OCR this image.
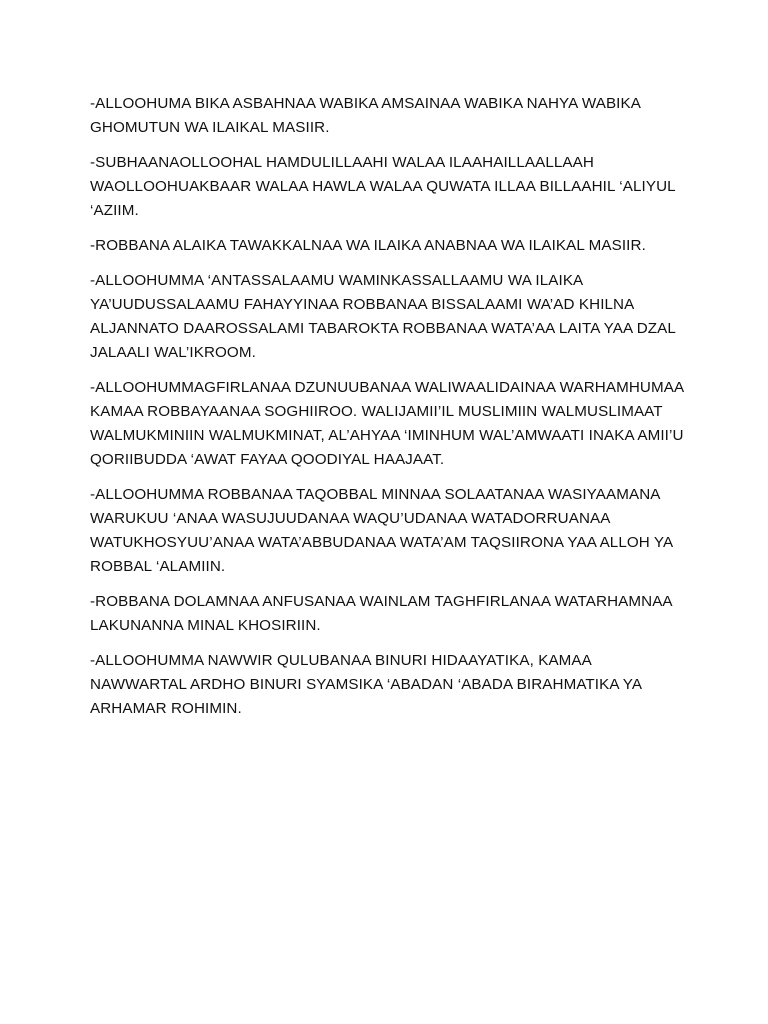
-ALLOOHUMA BIKA ASBAHNAA WABIKA AMSAINAA WABIKA NAHYA WABIKA GHOMUTUN WA ILAIKAL MASIIR.

-SUBHAANAOLLOOHAL HAMDULILLAAHI WALAA ILAAHAILLAALLAAH WAOLLOOHUAKBAAR WALAA HAWLA WALAA QUWATA ILLAA BILLAAHIL ‘ALIYUL ‘AZIIM.

-ROBBANA ALAIKA TAWAKKALNAA WA ILAIKA ANABNAA WA ILAIKAL MASIIR.

-ALLOOHUMMA ‘ANTASSALAAMU WAMINKASSALLAAMU WA ILAIKA YA’UUDUSSALAAMU FAHAYYINAA ROBBANAA BISSALAAMI WA’AD KHILNA ALJANNATO DAAROSSALAMI TABAROKTA ROBBANAA WATA’AA LAITA YAA DZAL JALAALI WAL’IKROOM.

-ALLOOHUMMAGFIRLANAA DZUNUUBANAA WALIWAALIDAINAA WARHAMHUMAA KAMAA ROBBAYAANAA SOGHIIROO. WALIJAMII’IL MUSLIMIIN WALMUSLIMAAT WALMUKMINIIN WALMUKMINAT, AL’AHYAA ‘IMINHUM WAL’AMWAATI INAKA AMII’U QORIIBUDDA ‘AWAT FAYAA QOODIYAL HAAJAAT.

-ALLOOHUMMA ROBBANAA TAQOBBAL MINNAA SOLAATANAA WASIYAAMANA WARUKUU ‘ANAA WASUJUUDANAA WAQU’UDANAA WATADORRUANAA WATUKHOSYUU’ANAA WATA’ABBUDANAA WATA’AM TAQSIIRONA YAA ALLOH YA ROBBAL ‘ALAMIIN.

-ROBBANA DOLAMNAA ANFUSANAA WAINLAM TAGHFIRLANAA WATARHAMNAA LAKUNANNA MINAL KHOSIRIIN.

-ALLOOHUMMA NAWWIR QULUBANAA BINURI HIDAAYATIKA, KAMAA NAWWARTAL ARDHO BINURI SYAMSIKA ‘ABADAN ‘ABADA BIRAHMATIKA YA ARHAMAR ROHIMIN.
